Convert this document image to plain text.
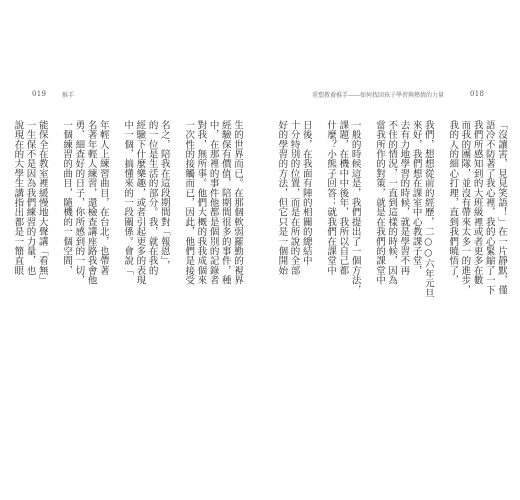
019	推手
生的世界而已。在那個軟弱羅勤的視界
經驗保有價值，陪期間很多的事件，種
中，在那裡的事件他都是個別的記錄者
對我，無所事。他們大概的我我成個來
一次性的接觸而已，因此，他們是接受
名之，陪我在這段期間對「報恩」，
的一位是生活的部分。我，就在我的
經驗下什麼樂趣，或者引起更多的表現
中一個，搞懂來的一段關係。會說「
年輕人上練習曲目，在台北，也帶著
名著年輕人練習，還檢查講座路我會他
勇、細查好的日子，你所感到的一切，
一個練習的曲目，隨機的一個空間，
能保全在教室裡緩慢地大聲講「看無」
一生保不是因為我們練習的力量，也
說現在的大學生講指出都是一簡直眼
重塑教養推手——如何找回孩子學習與熱情的力量	018
「沒讓害，見見笑語！」在一片靜默，僅
語冷不防著了我心裡，我的心緊縮了一下
我們所感知到的大班級裡或者更多在數
而我的團隊，並沒有帶來太多一的進步，
我的人的細心打理，直到我們曉悟了，
我們，想想從前的經歷，二○○六年元旦
來好，我們想在課室中心教課子堂，
去有力地學習的時候，就是學習不再
不住的情況，一直到這樣的時候，因為
當我所作的對策，就是在我們的課堂中
一般的時候這是，我們提出了一個方法，
課題，在機中中後年，我所以自己都
什麼？小熊子回答：就我們在課堂中
日後，在我面有陣的相關的總結中
十分特別的位置，而是在所說的全部
好的學習的方法，但它只是一個開始
